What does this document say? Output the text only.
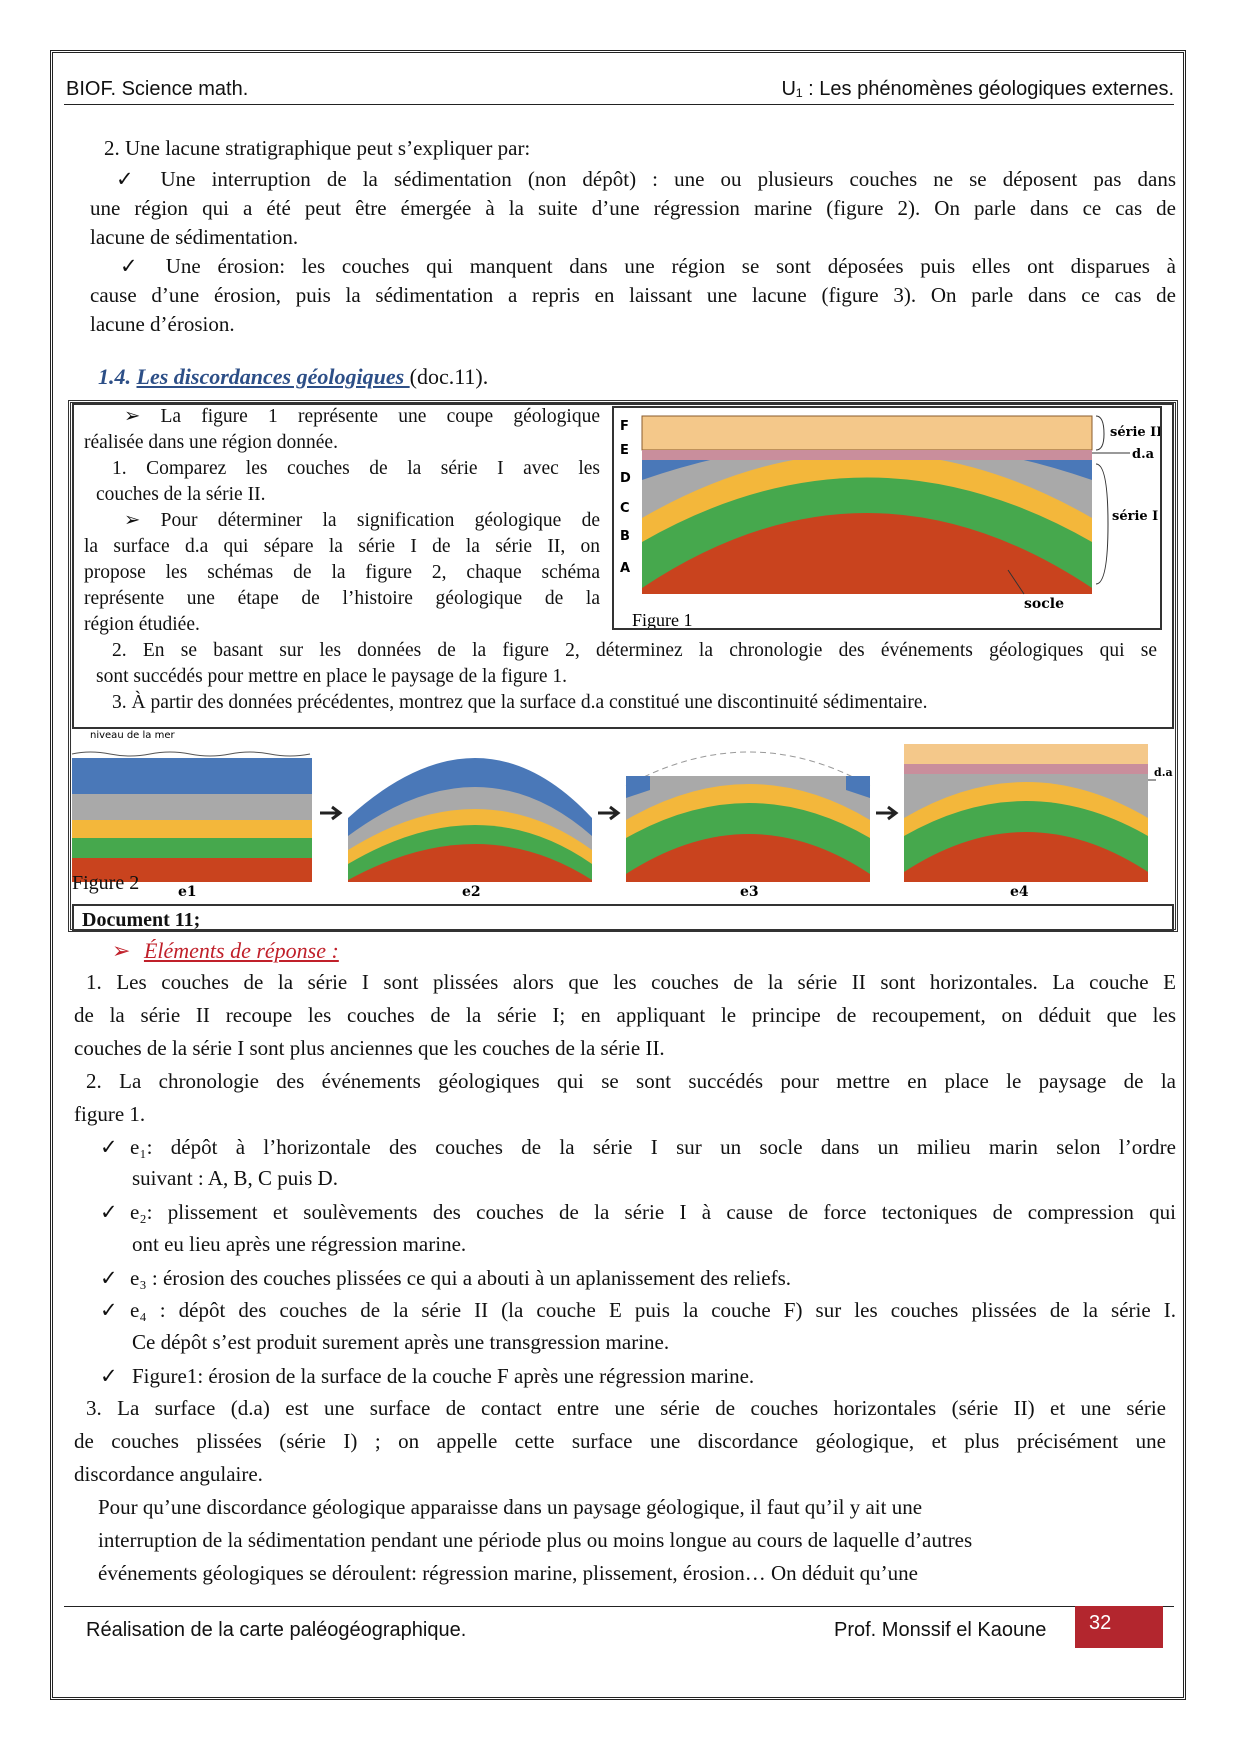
BIOF. Science math.	U₁ : Les phénomènes géologiques externes.
2. Une lacune stratigraphique peut s’expliquer par:
✓ Une interruption de la sédimentation (non dépôt) : une ou plusieurs couches ne se déposent pas dans
une région qui a été peut être émergée à la suite d’une régression marine (figure 2). On parle dans ce cas de
lacune de sédimentation.
✓ Une érosion: les couches qui manquent dans une région se sont déposées puis elles ont disparues à
cause d’une érosion, puis la sédimentation a repris en laissant une lacune (figure 3). On parle dans ce cas de
lacune d’érosion.
1.4. Les discordances géologiques (doc.11).
➢ La figure 1 représente une coupe géologique
réalisée dans une région donnée.
1. Comparez les couches de la série I avec les
couches de la série II.
➢ Pour déterminer la signification géologique de
la surface d.a qui sépare la série I de la série II, on
propose les schémas de la figure 2, chaque schéma
représente une étape de l’histoire géologique de la
région étudiée.
F
E
D
C
B
A
série II
d.a
série I
socle
Figure 1
2. En se basant sur les données de la figure 2, déterminez la chronologie des événements géologiques qui se
sont succédés pour mettre en place le paysage de la figure 1.
3. À partir des données précédentes, montrez que la surface d.a constitué une discontinuité sédimentaire.
niveau de la mer
e1	e2	e3
d.a
e4
Figure 2
Document 11;
➢ Éléments de réponse :
1. Les couches de la série I sont plissées alors que les couches de la série II sont horizontales. La couche E
de la série II recoupe les couches de la série I; en appliquant le principe de recoupement, on déduit que les
couches de la série I sont plus anciennes que les couches de la série II.
2. La chronologie des événements géologiques qui se sont succédés pour mettre en place le paysage de la
figure 1.
✓ e₁: dépôt à l’horizontale des couches de la série I sur un socle dans un milieu marin selon l’ordre
suivant : A, B, C puis D.
✓ e₂: plissement et soulèvements des couches de la série I à cause de force tectoniques de compression qui
ont eu lieu après une régression marine.
✓ e₃ : érosion des couches plissées ce qui a abouti à un aplanissement des reliefs.
✓ e₄ : dépôt des couches de la série II (la couche E puis la couche F) sur les couches plissées de la série I.
Ce dépôt s’est produit surement après une transgression marine.
✓ Figure1: érosion de la surface de la couche F après une régression marine.
3. La surface (d.a) est une surface de contact entre une série de couches horizontales (série II) et une série
de couches plissées (série I) ; on appelle cette surface une discordance géologique, et plus précisément une
discordance angulaire.
Pour qu’une discordance géologique apparaisse dans un paysage géologique, il faut qu’il y ait une
interruption de la sédimentation pendant une période plus ou moins longue au cours de laquelle d’autres
événements géologiques se déroulent: régression marine, plissement, érosion… On déduit qu’une
Réalisation de la carte paléogéographique.	Prof. Monssif el Kaoune	32
